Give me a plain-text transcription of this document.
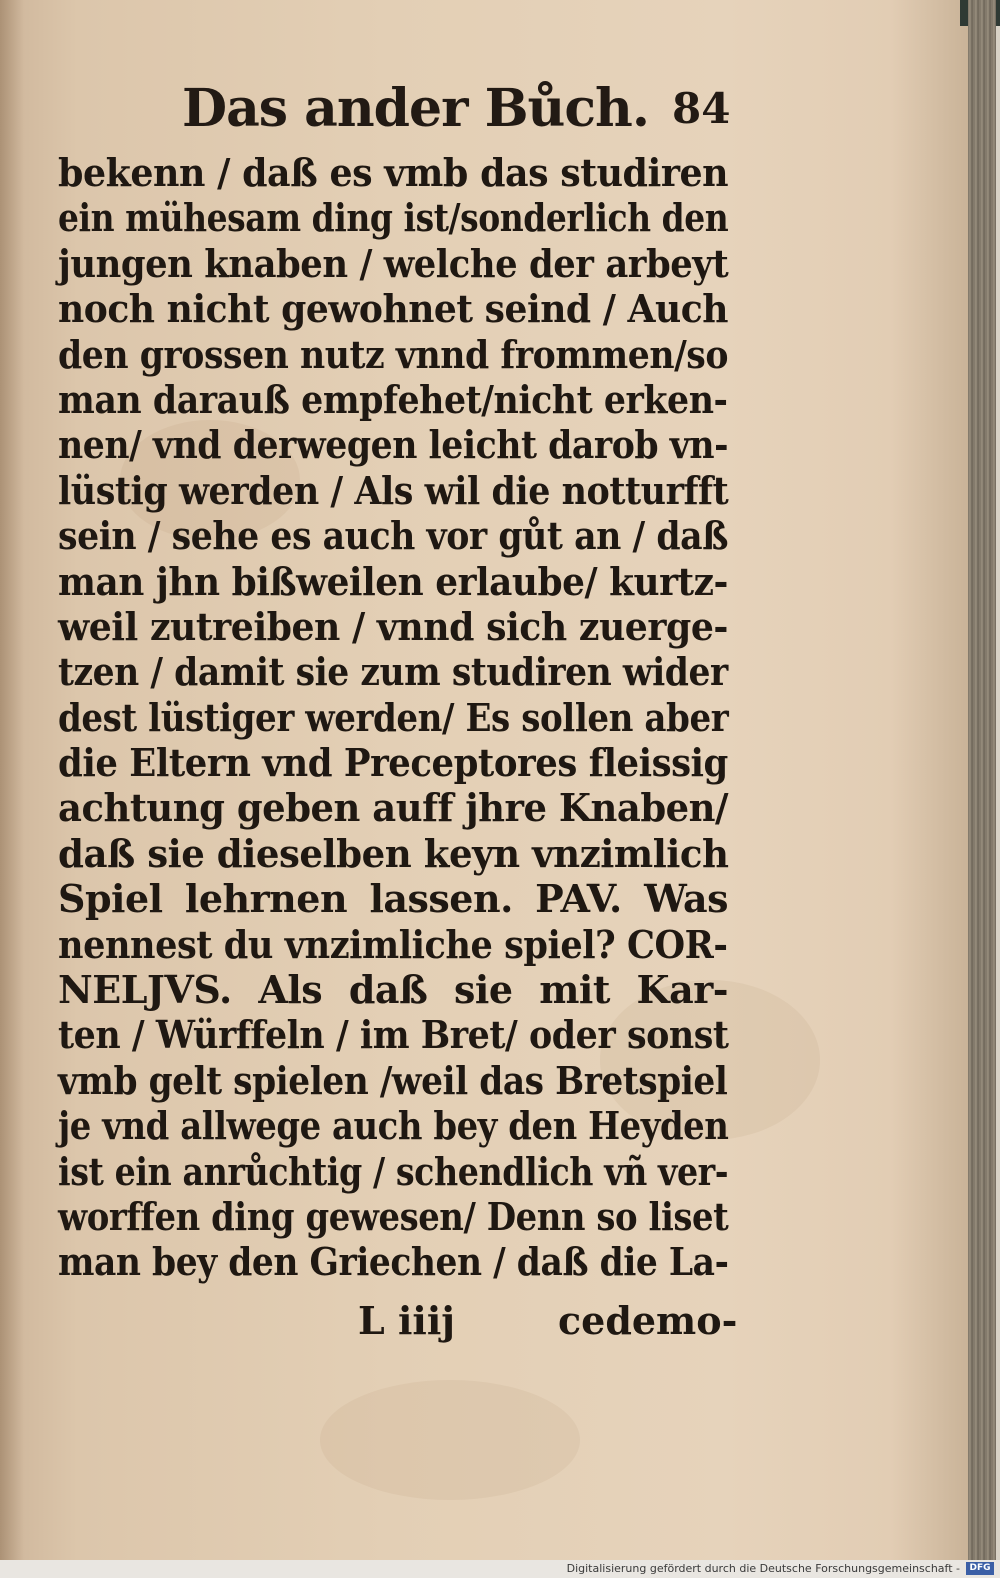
Das ander Bůch. 84
bekenn / daß es vmb das studiren
ein mühesam ding ist/sonderlich den
jungen knaben / welche der arbeyt
noch nicht gewohnet seind / Auch
den grossen nutz vnnd frommen/so
man darauß empfehet/nicht erken-
nen/ vnd derwegen leicht darob vn-
lüstig werden / Als wil die notturfft
sein / sehe es auch vor gůt an / daß
man jhn bißweilen erlaube/ kurtz-
weil zutreiben / vnnd sich zuerge-
tzen / damit sie zum studiren wider
dest lüstiger werden/ Es sollen aber
die Eltern vnd Preceptores fleissig
achtung geben auff jhre Knaben/
daß sie dieselben keyn vnzimlich
Spiel lehrnen lassen. PAV. Was
nennest du vnzimliche spiel? COR-
NELJVS. Als daß sie mit Kar-
ten / Würffeln / im Bret/ oder sonst
vmb gelt spielen /weil das Bretspiel
je vnd allwege auch bey den Heyden
ist ein anrůchtig / schendlich vñ ver-
worffen ding gewesen/ Denn so liset
man bey den Griechen / daß die La-
L iiij	cedemo-
Digitalisierung gefördert durch die Deutsche Forschungsgemeinschaft -	DFG
